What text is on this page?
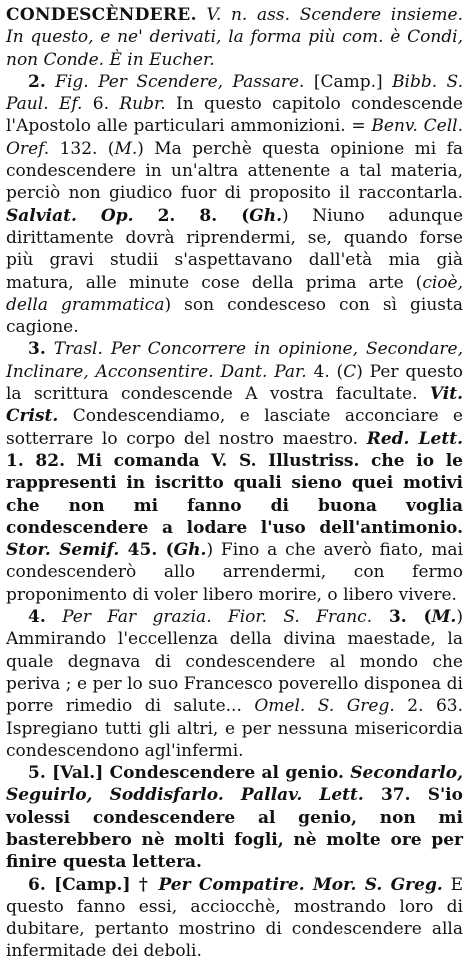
CONDESCÈNDERE. V. n. ass. Scendere insieme. In questo, e ne' derivati, la forma più com. è Condi, non Conde. È in Eucher.

2. Fig. Per Scendere, Passare. [Camp.] Bibb. S. Paul. Ef. 6. Rubr. In questo capitolo condescende l'Apostolo alle particulari ammonizioni. = Benv. Cell. Oref. 132. (M.) Ma perchè questa opinione mi fa condescendere in un'altra attenente a tal materia, perciò non giudico fuor di proposito il raccontarla. Salviat. Op. 2. 8. (Gh.) Niuno adunque dirittamente dovrà riprendermi, se, quando forse più gravi studii s'aspettavano dall'età mia già matura, alle minute cose della prima arte (cioè, della grammatica) son condesceso con sì giusta cagione.

3. Trasl. Per Concorrere in opinione, Secondare, Inclinare, Acconsentire. Dant. Par. 4. (C) Per questo la scrittura condescende A vostra facultate. Vit. Crist. Condescendiamo, e lasciate acconciare e sotterrare lo corpo del nostro maestro. Red. Lett. 1. 82. Mi comanda V. S. Illustriss. che io le rappresenti in iscritto quali sieno quei motivi che non mi fanno di buona voglia condescendere a lodare l'uso dell'antimonio. Stor. Semif. 45. (Gh.) Fino a che averò fiato, mai condescenderò allo arrendermi, con fermo proponimento di voler libero morire, o libero vivere.

4. Per Far grazia. Fior. S. Franc. 3. (M.) Ammirando l'eccellenza della divina maestade, la quale degnava di condescendere al mondo che periva ; e per lo suo Francesco poverello disponea di porre rimedio di salute... Omel. S. Greg. 2. 63. Ispregiano tutti gli altri, e per nessuna misericordia condescendono agl'infermi.

5. [Val.] Condescendere al genio. Secondarlo, Seguirlo, Soddisfarlo. Pallav. Lett. 37. S'io volessi condescendere al genio, non mi basterebbero nè molti fogli, nè molte ore per finire questa lettera.

6. [Camp.] † Per Compatire. Mor. S. Greg. E questo fanno essi, acciocchè, mostrando loro di dubitare, pertanto mostrino di condescendere alla infermitade dei deboli.
